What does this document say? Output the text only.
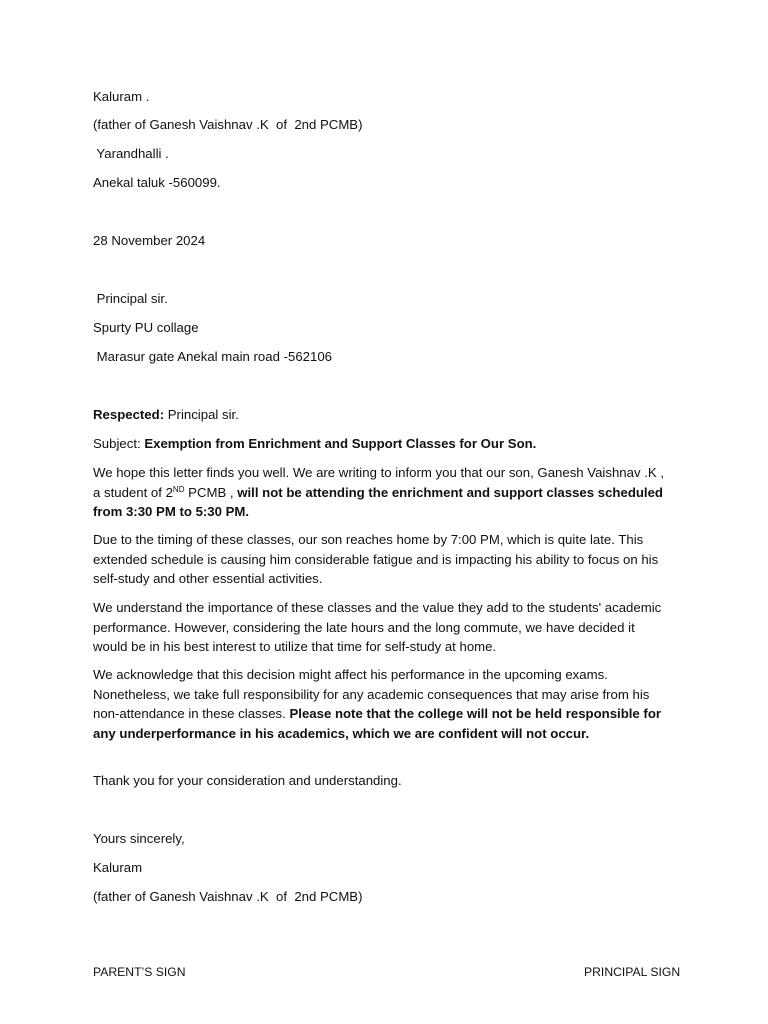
Kaluram .
(father of Ganesh Vaishnav .K  of  2nd PCMB)
Yarandhalli .
Anekal taluk -560099.
28 November 2024
Principal sir.
Spurty PU collage
Marasur gate Anekal main road -562106
Respected: Principal sir.
Subject: Exemption from Enrichment and Support Classes for Our Son.
We hope this letter finds you well. We are writing to inform you that our son, Ganesh Vaishnav .K , a student of 2ND PCMB , will not be attending the enrichment and support classes scheduled from 3:30 PM to 5:30 PM.
Due to the timing of these classes, our son reaches home by 7:00 PM, which is quite late. This extended schedule is causing him considerable fatigue and is impacting his ability to focus on his self-study and other essential activities.
We understand the importance of these classes and the value they add to the students' academic performance. However, considering the late hours and the long commute, we have decided it would be in his best interest to utilize that time for self-study at home.
We acknowledge that this decision might affect his performance in the upcoming exams. Nonetheless, we take full responsibility for any academic consequences that may arise from his non-attendance in these classes. Please note that the college will not be held responsible for any underperformance in his academics, which we are confident will not occur.
Thank you for your consideration and understanding.
Yours sincerely,
Kaluram
(father of Ganesh Vaishnav .K  of  2nd PCMB)
PARENT’S SIGN	PRINCIPAL SIGN
